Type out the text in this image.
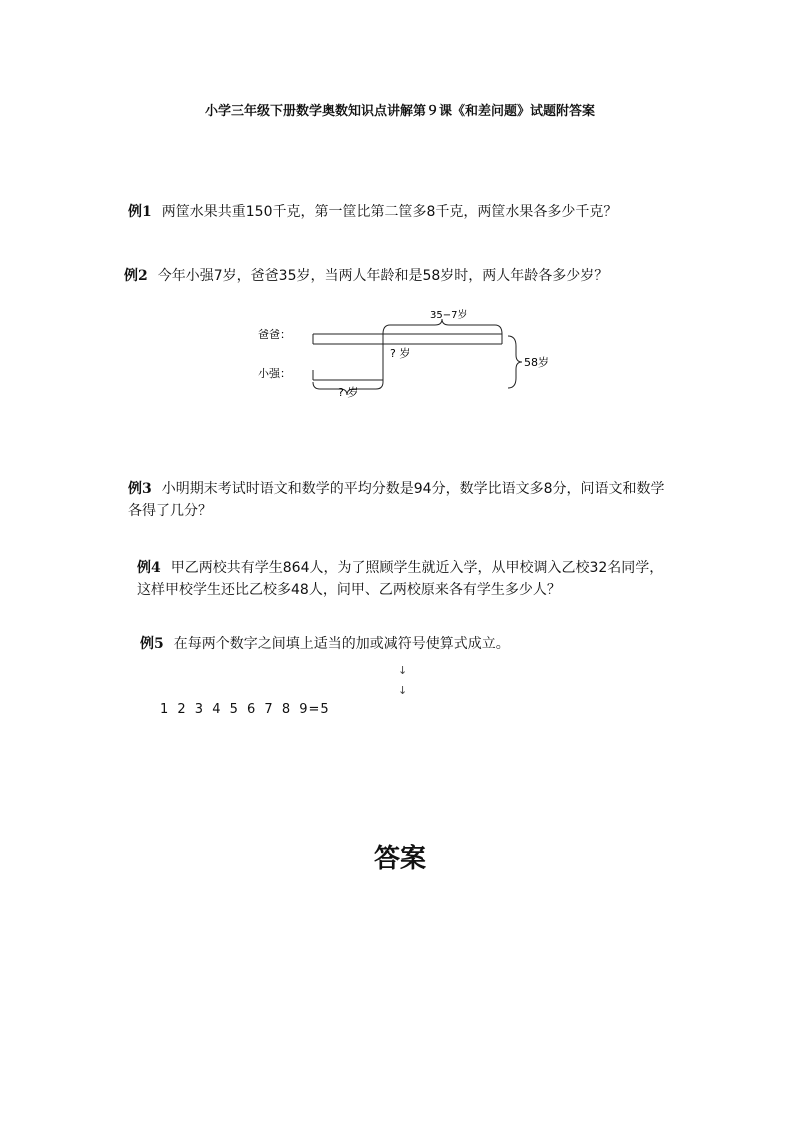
小学三年级下册数学奥数知识点讲解第９课《和差问题》试题附答案
例1 两筐水果共重150千克，第一筐比第二筐多8千克，两筐水果各多少千克？
例2 今年小强7岁，爸爸35岁，当两人年龄和是58岁时，两人年龄各多少岁？
爸爸：
35−7岁
? 岁
小强：
? 岁
58岁
例3 小明期末考试时语文和数学的平均分数是94分，数学比语文多8分，问语文和数学各得了几分？
例4 甲乙两校共有学生864人，为了照顾学生就近入学，从甲校调入乙校32名同学，这样甲校学生还比乙校多48人，问甲、乙两校原来各有学生多少人？
例5 在每两个数字之间填上适当的加或减符号使算式成立。
↓
↓
1 2 3 4 5 6 7 8 9=5
答案
